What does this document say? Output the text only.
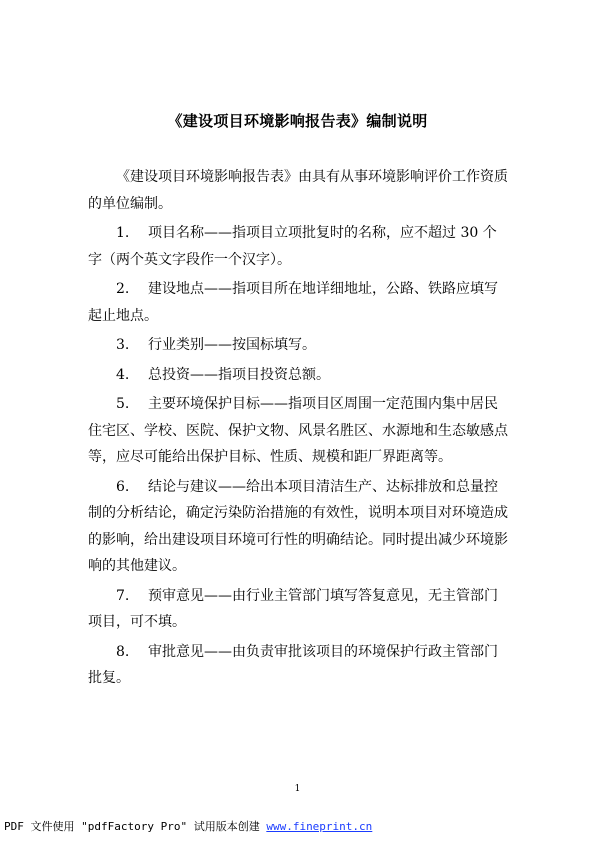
《建设项目环境影响报告表》编制说明

《建设项目环境影响报告表》由具有从事环境影响评价工作资质的单位编制。

1. 项目名称——指项目立项批复时的名称，应不超过 30 个字（两个英文字段作一个汉字）。

2. 建设地点——指项目所在地详细地址，公路、铁路应填写起止地点。

3. 行业类别——按国标填写。

4. 总投资——指项目投资总额。

5. 主要环境保护目标——指项目区周围一定范围内集中居民住宅区、学校、医院、保护文物、风景名胜区、水源地和生态敏感点等，应尽可能给出保护目标、性质、规模和距厂界距离等。

6. 结论与建议——给出本项目清洁生产、达标排放和总量控制的分析结论，确定污染防治措施的有效性，说明本项目对环境造成的影响，给出建设项目环境可行性的明确结论。同时提出减少环境影响的其他建议。

7. 预审意见——由行业主管部门填写答复意见，无主管部门项目，可不填。

8. 审批意见——由负责审批该项目的环境保护行政主管部门批复。

1
PDF 文件使用 "pdfFactory Pro" 试用版本创建 www.fineprint.cn
